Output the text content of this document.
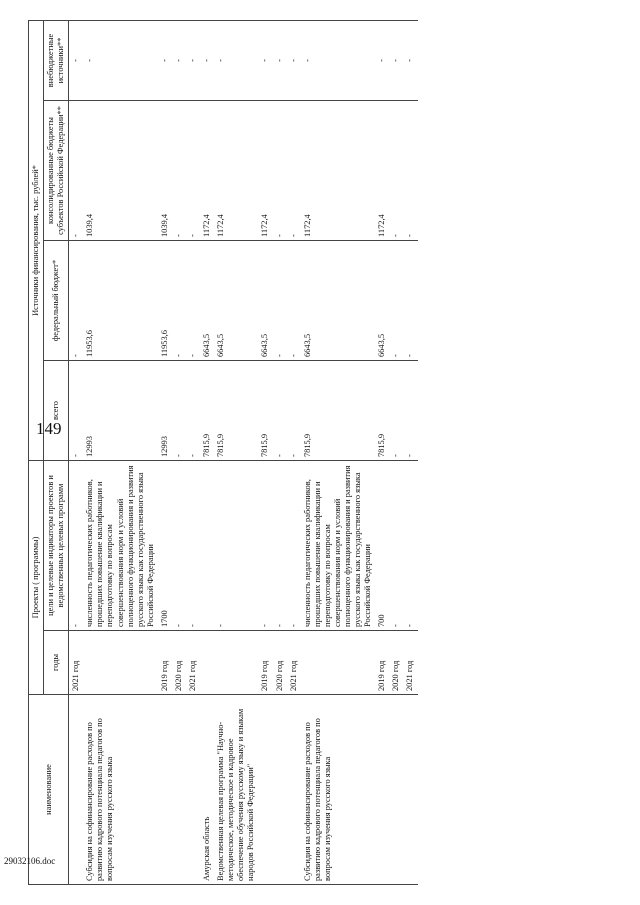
149
наименование	Проекты ( программы)		Источники финансирования, тыс. рублей*			
	годы	цели и целевые индикаторы проектов и ведомственных целевых программ	всего	федеральный бюджет*	консолидированные бюджеты субъектов Российской Федерации**	внебюджетные источники**
	2021 год	-	-	-	-	-
Субсидия на софинансирование расходов по развитию кадрового потенциала педагогов по вопросам изучения русского языка		численность педагогических работников, прошедших повышение квалификации и переподготовку по вопросам совершенствования норм и условий полноценного функционирования и развития русского языка как государственного языка Российской Федерации	12993	11953,6	1039,4	-
	2019 год	1700	12993	11953,6	1039,4	-
	2020 год	-	-	-	-	-
	2021 год	-	-	-	-	-
Амурская область			7815,9	6643,5	1172,4	-
Ведомственная целевая программа "Научно-методическое, методическое и кадровое обеспечение обучения русскому языку и языкам народов Российской Федерации"		-	7815,9	6643,5	1172,4	-
	2019 год	-	7815,9	6643,5	1172,4	-
	2020 год	-	-	-	-	-
	2021 год	-	-	-	-	-
Субсидия на софинансирование расходов по развитию кадрового потенциала педагогов по вопросам изучения русского языка		численность педагогических работников, прошедших повышение квалификации и переподготовку по вопросам совершенствования норм и условий полноценного функционирования и развития русского языка как государственного языка Российской Федерации	7815,9	6643,5	1172,4	-
	2019 год	700	7815,9	6643,5	1172,4	-
	2020 год	-	-	-	-	-
	2021 год	-	-	-	-	-
29032106.doc
